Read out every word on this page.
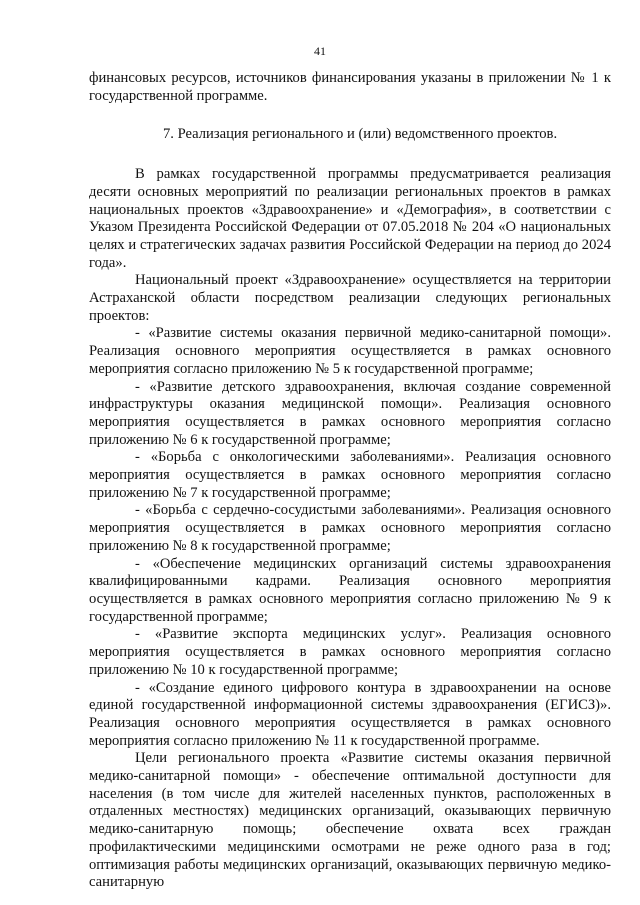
41

финансовых ресурсов, источников финансирования указаны в приложении № 1 к государственной программе.

7. Реализация регионального и (или) ведомственного проектов.

В рамках государственной программы предусматривается реализация десяти основных мероприятий по реализации региональных проектов в рамках национальных проектов «Здравоохранение» и «Демография», в соответствии с Указом Президента Российской Федерации от 07.05.2018 № 204 «О национальных целях и стратегических задачах развития Российской Федерации на период до 2024 года».

Национальный проект «Здравоохранение» осуществляется на территории Астраханской области посредством реализации следующих региональных проектов:

- «Развитие системы оказания первичной медико-санитарной помощи». Реализация основного мероприятия осуществляется в рамках основного мероприятия согласно приложению № 5 к государственной программе;

- «Развитие детского здравоохранения, включая создание современной инфраструктуры оказания медицинской помощи». Реализация основного мероприятия осуществляется в рамках основного мероприятия согласно приложению № 6 к государственной программе;

- «Борьба с онкологическими заболеваниями». Реализация основного мероприятия осуществляется в рамках основного мероприятия согласно приложению № 7 к государственной программе;

- «Борьба с сердечно-сосудистыми заболеваниями». Реализация основного мероприятия осуществляется в рамках основного мероприятия согласно приложению № 8 к государственной программе;

- «Обеспечение медицинских организаций системы здравоохранения квалифицированными кадрами. Реализация основного мероприятия осуществляется в рамках основного мероприятия согласно приложению № 9 к государственной программе;

- «Развитие экспорта медицинских услуг». Реализация основного мероприятия осуществляется в рамках основного мероприятия согласно приложению № 10 к государственной программе;

- «Создание единого цифрового контура в здравоохранении на основе единой государственной информационной системы здравоохранения (ЕГИСЗ)». Реализация основного мероприятия осуществляется в рамках основного мероприятия согласно приложению № 11 к государственной программе.

Цели регионального проекта «Развитие системы оказания первичной медико-санитарной помощи» - обеспечение оптимальной доступности для населения (в том числе для жителей населенных пунктов, расположенных в отдаленных местностях) медицинских организаций, оказывающих первичную медико-санитарную помощь; обеспечение охвата всех граждан профилактическими медицинскими осмотрами не реже одного раза в год; оптимизация работы медицинских организаций, оказывающих первичную медико-санитарную
